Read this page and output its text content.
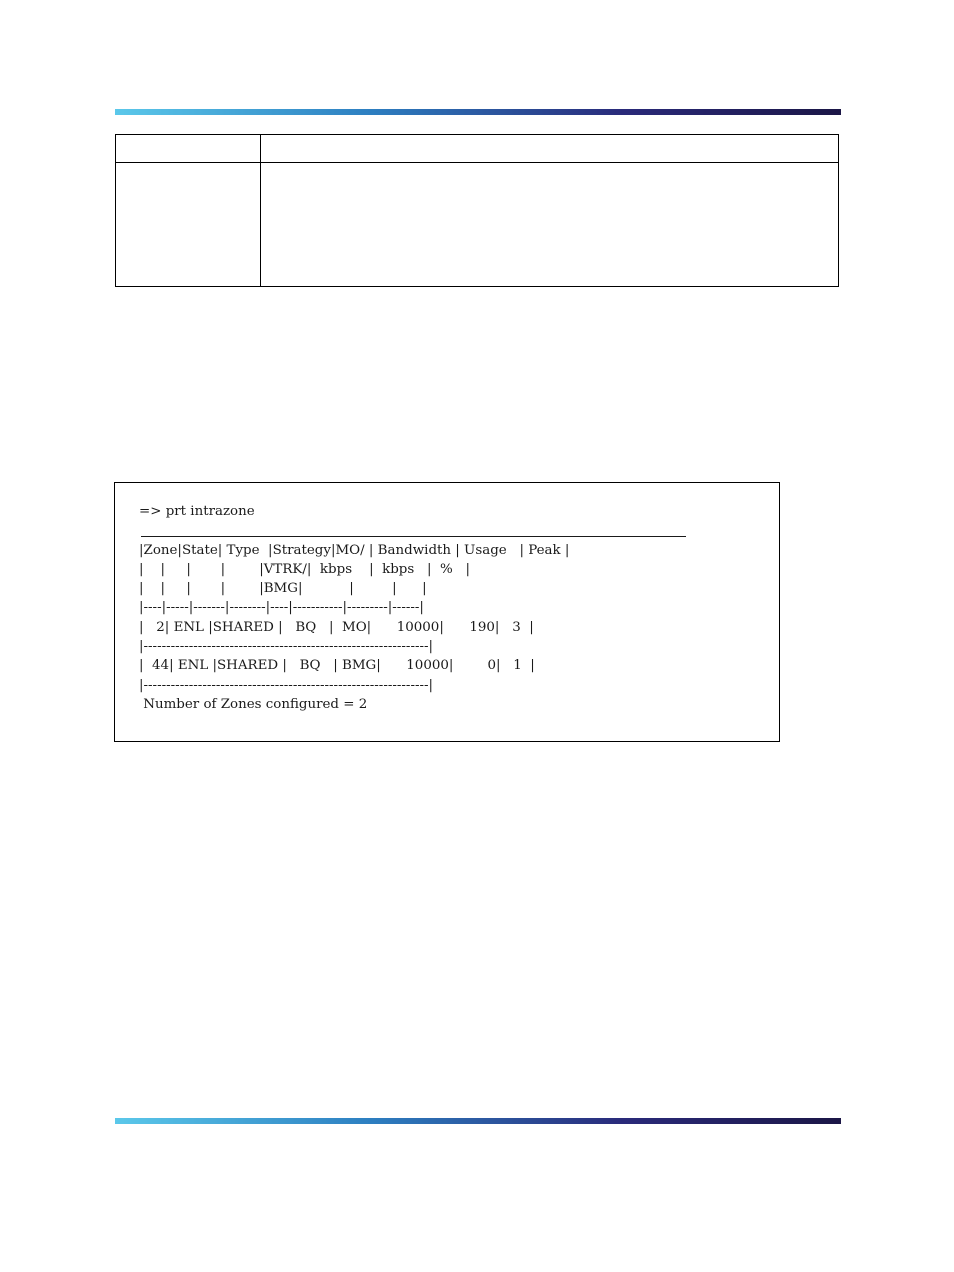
=> prt intrazone

|Zone|State| Type  |Strategy|MO/ | Bandwidth | Usage   | Peak |
|    |     |       |        |VTRK/|  kbps    |  kbps   |  %   |
|    |     |       |        |BMG|           |         |      |
|----|-----|-------|--------|----|-----------|---------|------|
|   2| ENL |SHARED |   BQ   |  MO|      10000|      190|   3  |
|---------------------------------------------------------------|
|  44| ENL |SHARED |   BQ   | BMG|      10000|        0|   1  |
|---------------------------------------------------------------|
Number of Zones configured = 2
